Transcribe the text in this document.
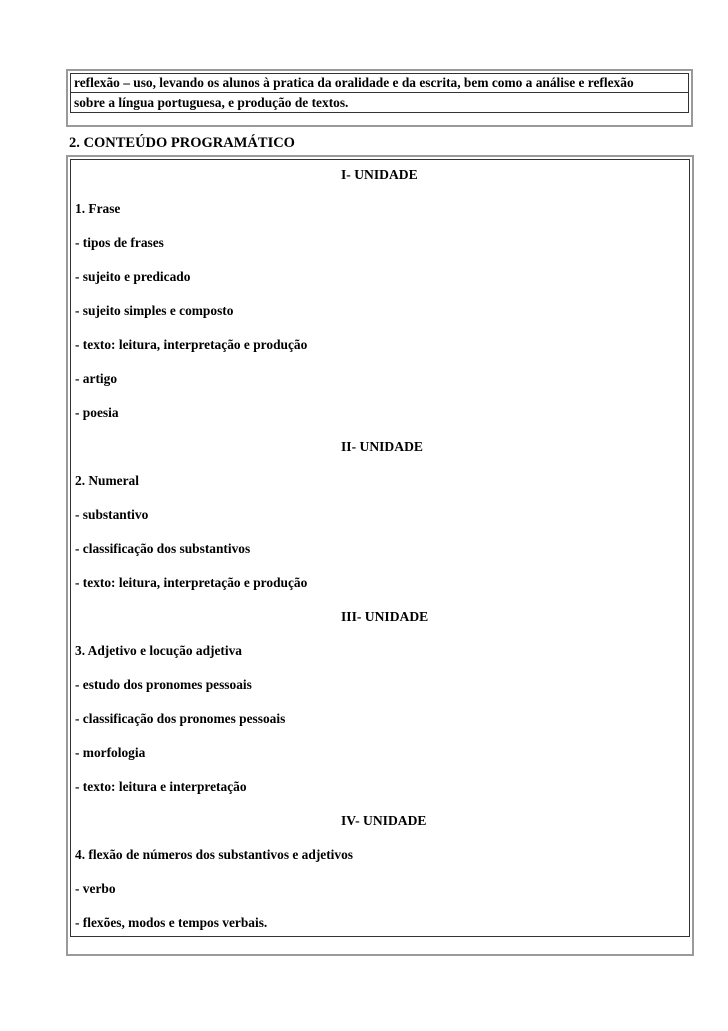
reflexão – uso, levando os alunos à pratica da oralidade e da escrita, bem como a análise e reflexão
sobre a língua portuguesa, e produção de textos.
2. CONTEÚDO PROGRAMÁTICO
I- UNIDADE
1. Frase
- tipos de frases
- sujeito e predicado
- sujeito simples e composto
- texto: leitura, interpretação e produção
- artigo
- poesia
II- UNIDADE
2. Numeral
- substantivo
- classificação dos substantivos
- texto: leitura, interpretação e produção
III- UNIDADE
3. Adjetivo e locução adjetiva
- estudo dos pronomes pessoais
- classificação dos pronomes pessoais
- morfologia
- texto: leitura e interpretação
IV- UNIDADE
4. flexão de números dos substantivos e adjetivos
- verbo
- flexões, modos e tempos verbais.
